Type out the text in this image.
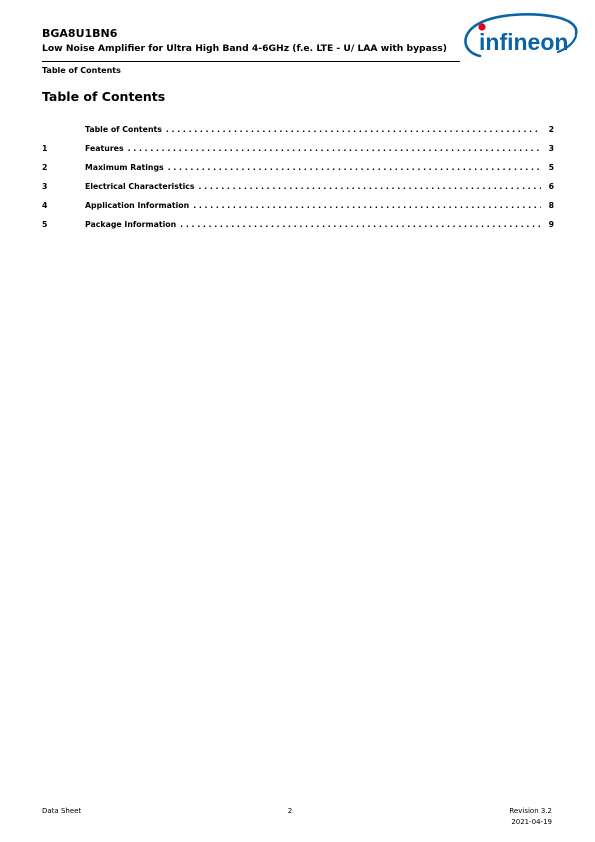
BGA8U1BN6
Low Noise Amplifier for Ultra High Band 4-6GHz (f.e. LTE - U/ LAA with bypass)
Table of Contents
infineon
Table of Contents
Table of Contents . . .	2
1	Features . . .	3
2	Maximum Ratings . . .	5
3	Electrical Characteristics . . .	6
4	Application Information . . .	8
5	Package Information . . .	9
Data Sheet	2	Revision 3.2
2021-04-19
